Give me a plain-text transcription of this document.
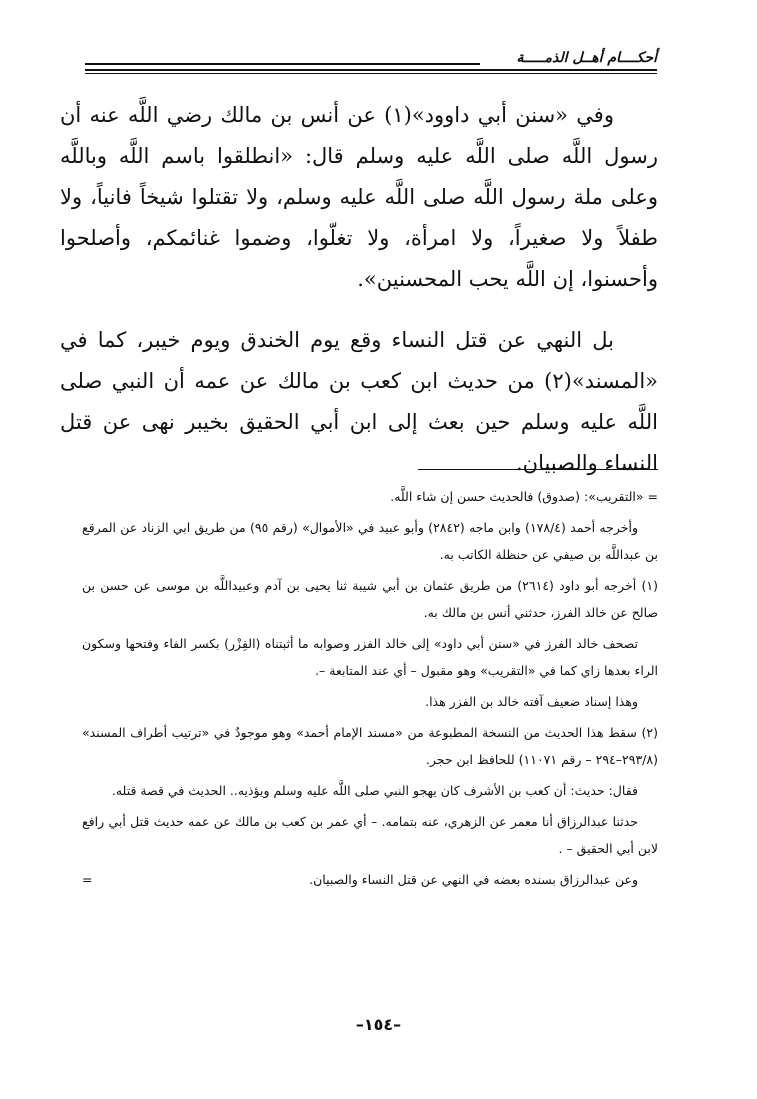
أحكــــام أهــل الذمـــــة

وفي «سنن أبي داوود»(١) عن أنس بن مالك رضي اللَّه عنه أن رسول اللَّه صلى اللَّه عليه وسلم قال: «انطلقوا باسم اللَّه وباللَّه وعلى ملة رسول اللَّه صلى اللَّه عليه وسلم، ولا تقتلوا شيخاً فانياً، ولا طفلاً ولا صغيراً، ولا امرأة، ولا تغلّوا، وضموا غنائمكم، وأصلحوا وأحسنوا، إن اللَّه يحب المحسنين».

بل النهي عن قتل النساء وقع يوم الخندق ويوم خيبر، كما في «المسند»(٢) من حديث ابن كعب بن مالك عن عمه أن النبي صلى اللَّه عليه وسلم حين بعث إلى ابن أبي الحقيق بخيبر نهى عن قتل النساء والصبيان.

= «التقريب»: (صدوق) فالحديث حسن إن شاء اللَّه.

وأخرجه أحمد (١٧٨/٤) وابن ماجه (٢٨٤٢) وأبو عبيد في «الأموال» (رقم ٩٥) من طريق ابي الزناد عن المرقع بن عبداللَّه بن صيفي عن حنظلة الكاتب به.

(١) أخرجه أبو داود (٢٦١٤) من طريق عثمان بن أبي شيبة ثنا يحيى بن آدم وعبيداللَّه بن موسى عن حسن بن صالح عن خالد الفرز، حدثني أنس بن مالك به.

تصحف خالد الفرز في «سنن أبي داود» إلى خالد الفزر وصوابه ما أثبتناه (الفِزْر) بكسر الفاء وفتحها وسكون الراء بعدها زاي كما في «التقريب» وهو مقبول – أي عند المتابعة –.

وهذا إسناد ضعيف آفته خالد بن الفزر هذا.

(٢) سقط هذا الحديث من النسخة المطبوعة من «مسند الإمام أحمد» وهو موجودٌ في «ترتيب أطراف المسند» (٢٩٣/٨–٢٩٤ – رقم ١١٠٧١) للحافظ ابن حجر.

فقال: حديث: أن كعب بن الأشرف كان يهجو النبي صلى اللَّه عليه وسلم ويؤذيه.. الحديث في قصة قتله.

حدثنا عبدالرزاق أنا معمر عن الزهري، عنه بتمامه. – أي عمر بن كعب بن مالك عن عمه حديث قتل أبي رافع لابن أبي الحقيق – .

وعن عبدالرزاق بسنده بعضه في النهي عن قتل النساء والصبيان.

=
–١٥٤–
